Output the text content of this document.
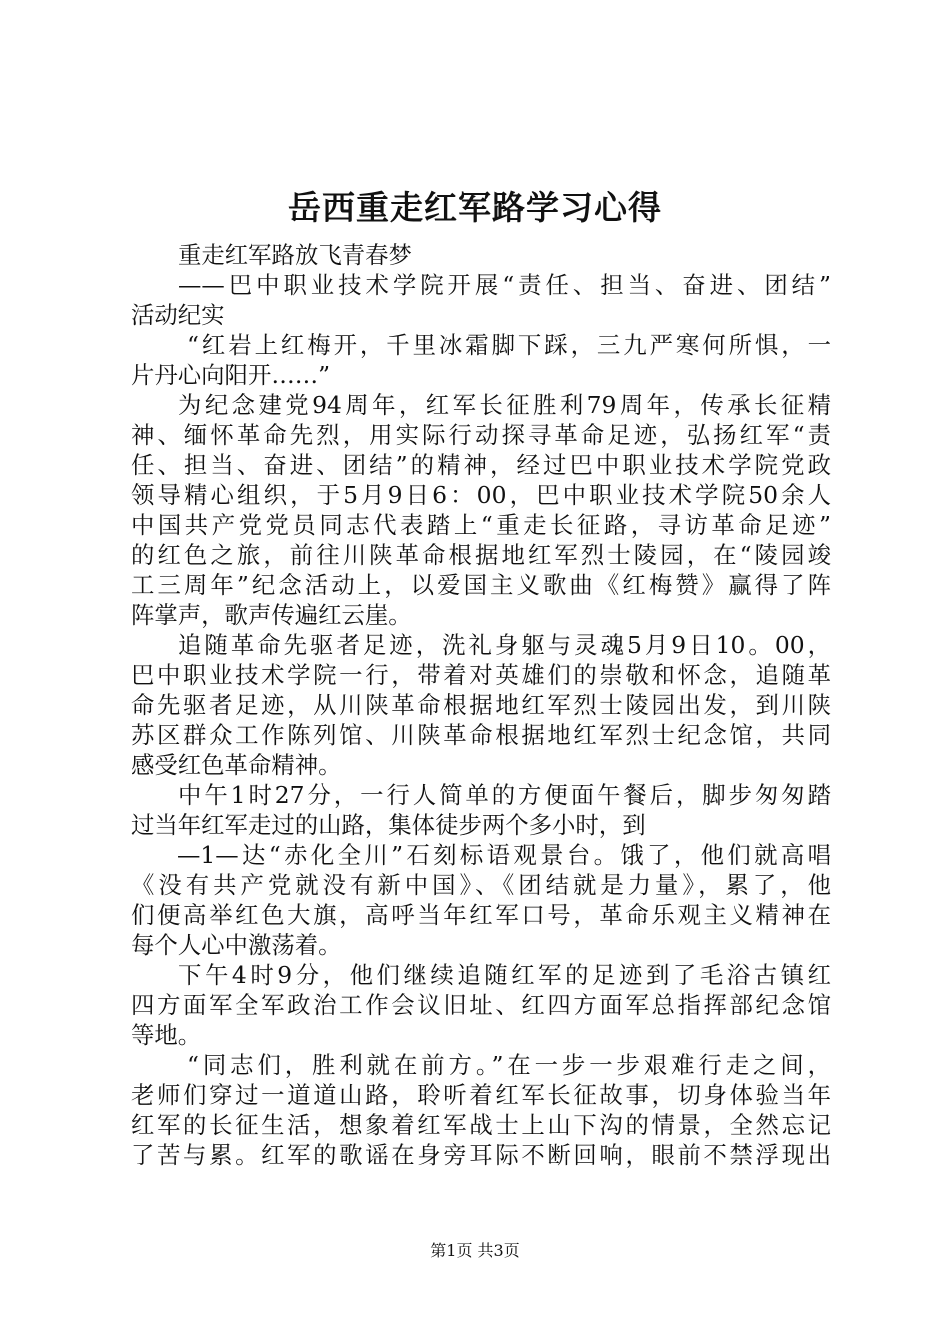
岳西重走红军路学习心得
重走红军路放飞青春梦
——巴中职业技术学院开展“责任、担当、奋进、团结”
活动纪实
“红岩上红梅开，千里冰霜脚下踩，三九严寒何所惧，一
片丹心向阳开……”
为纪念建党94周年，红军长征胜利79周年，传承长征精
神、缅怀革命先烈，用实际行动探寻革命足迹，弘扬红军“责
任、担当、奋进、团结”的精神，经过巴中职业技术学院党政
领导精心组织，于5月9日6：00，巴中职业技术学院50余人
中国共产党党员同志代表踏上“重走长征路，寻访革命足迹”
的红色之旅，前往川陕革命根据地红军烈士陵园，在“陵园竣
工三周年”纪念活动上，以爱国主义歌曲《红梅赞》赢得了阵
阵掌声，歌声传遍红云崖。
追随革命先驱者足迹，洗礼身躯与灵魂5月9日10。00，
巴中职业技术学院一行，带着对英雄们的崇敬和怀念，追随革
命先驱者足迹，从川陕革命根据地红军烈士陵园出发，到川陕
苏区群众工作陈列馆、川陕革命根据地红军烈士纪念馆，共同
感受红色革命精神。
中午1时27分，一行人简单的方便面午餐后，脚步匆匆踏
过当年红军走过的山路，集体徒步两个多小时，到
—1—达“赤化全川”石刻标语观景台。饿了，他们就高唱
《没有共产党就没有新中国》、《团结就是力量》，累了，他
们便高举红色大旗，高呼当年红军口号，革命乐观主义精神在
每个人心中激荡着。
下午4时9分，他们继续追随红军的足迹到了毛浴古镇红
四方面军全军政治工作会议旧址、红四方面军总指挥部纪念馆
等地。
“同志们，胜利就在前方。”在一步一步艰难行走之间，
老师们穿过一道道山路，聆听着红军长征故事，切身体验当年
红军的长征生活，想象着红军战士上山下沟的情景，全然忘记
了苦与累。红军的歌谣在身旁耳际不断回响，眼前不禁浮现出
第1页 共3页
